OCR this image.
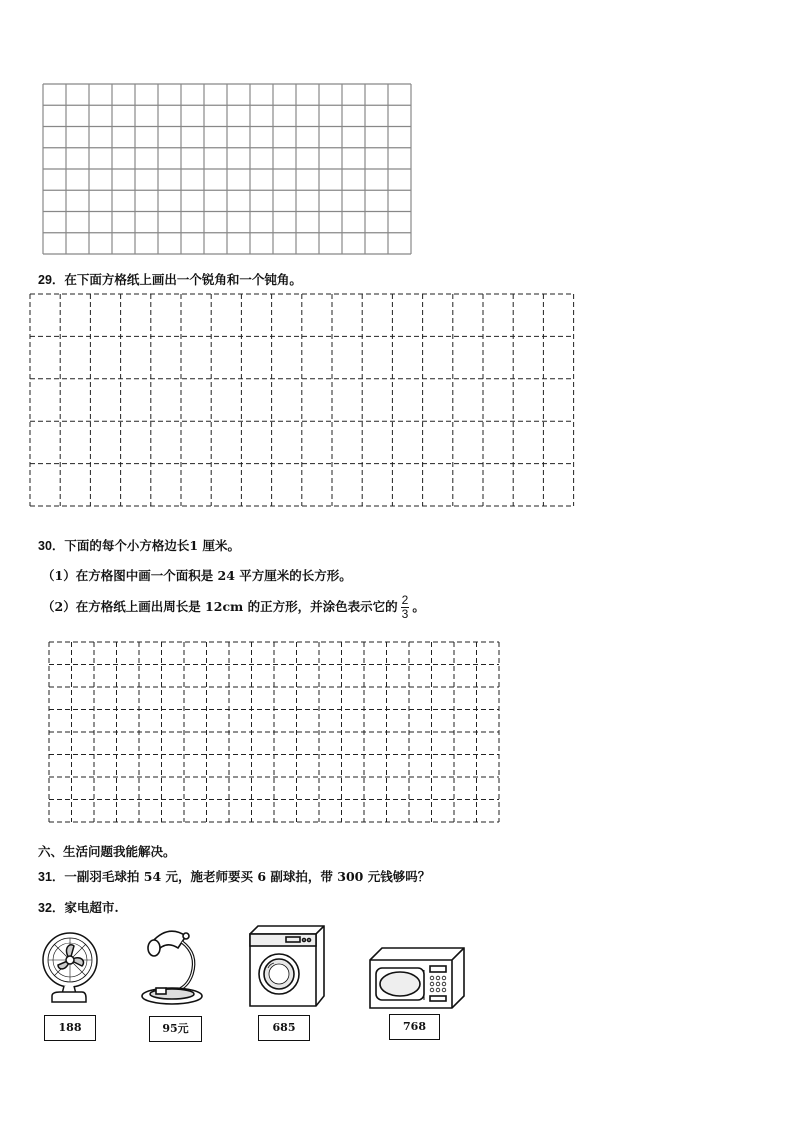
29．在下面方格纸上画出一个锐角和一个钝角。
30．下面的每个小方格边长1 厘米。
（1）在方格图中画一个面积是 24 平方厘米的长方形。
（2）在方格纸上画出周长是 12cm 的正方形，并涂色表示它的 $\frac{2}{3}$ 。
六、生活问题我能解决。
31．一副羽毛球拍 54 元，施老师要买 6 副球拍，带 300 元钱够吗？
32．家电超市.
188	95元	685	768
